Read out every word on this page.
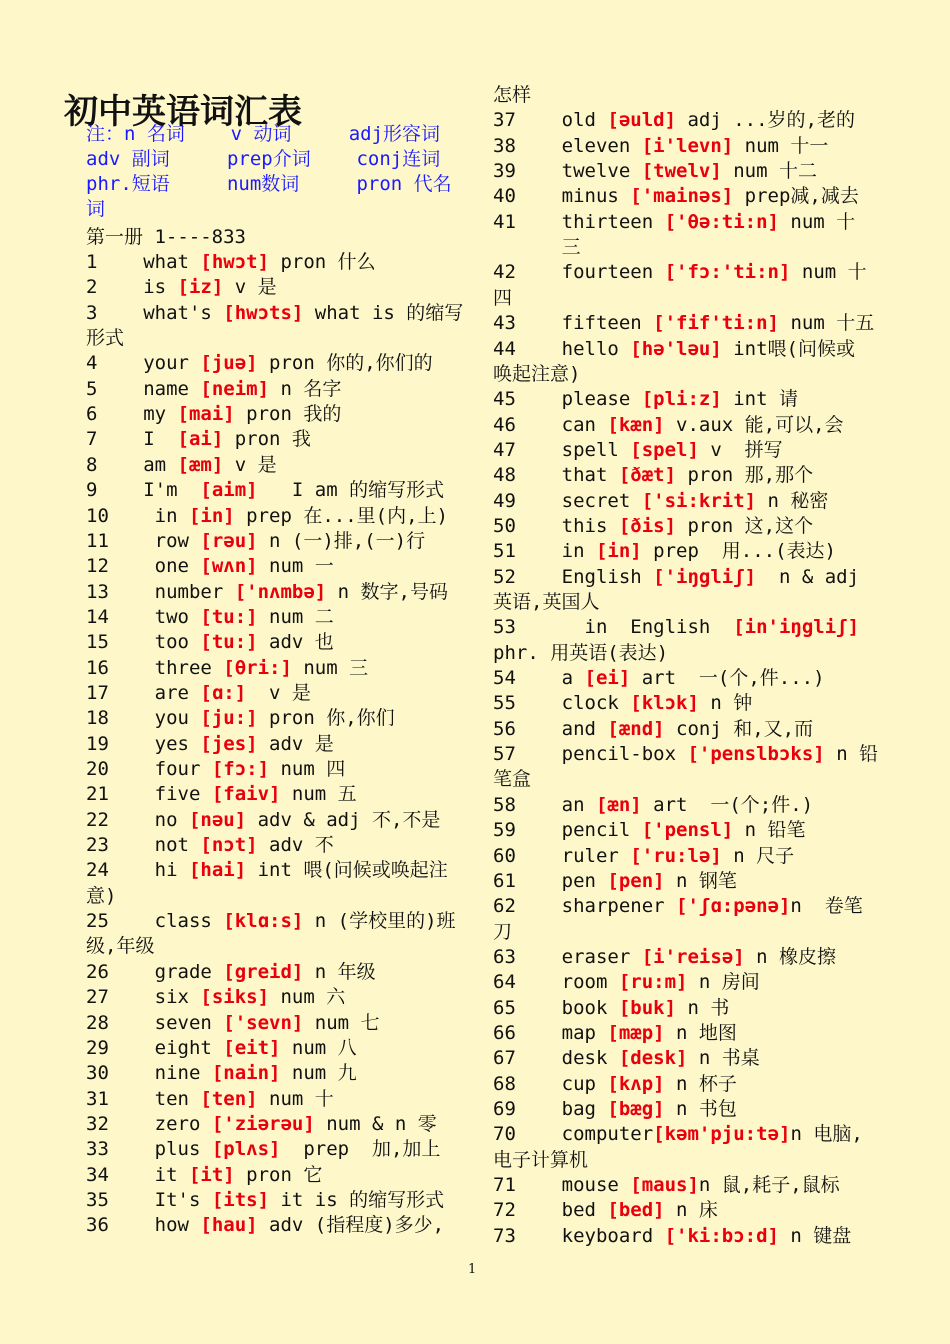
初中英语词汇表
注：n 名词    v 动词     adj形容词
adv 副词     prep介词    conj连词
phr.短语     num数词     pron 代名
词
第一册 1----833
1    what [hwɔt] pron 什么
2    is [iz] v 是
3    what's [hwɔts] what is 的缩写
形式
4    your [juə] pron 你的,你们的
5    name [neim] n 名字
6    my [mai] pron 我的
7    I  [ai] pron 我
8    am [æm] v 是
9    I'm  [aim]   I am 的缩写形式
10    in [in] prep 在...里(内,上)
11    row [rəu] n (一)排,(一)行
12    one [wʌn] num 一
13    number ['nʌmbə] n 数字,号码
14    two [tu:] num 二
15    too [tu:] adv 也
16    three [θri:] num 三
17    are [ɑ:]  v 是
18    you [ju:] pron 你,你们
19    yes [jes] adv 是
20    four [fɔ:] num 四
21    five [faiv] num 五
22    no [nəu] adv & adj 不,不是
23    not [nɔt] adv 不
24    hi [hai] int 喂(问候或唤起注
意)
25    class [klɑ:s] n (学校里的)班
级,年级
26    grade [greid] n 年级
27    six [siks] num 六
28    seven ['sevn] num 七
29    eight [eit] num 八
30    nine [nain] num 九
31    ten [ten] num 十
32    zero ['ziərəu] num & n 零
33    plus [plʌs]  prep  加,加上
34    it [it] pron 它
35    It's [its] it is 的缩写形式
36    how [hau] adv (指程度)多少,
怎样
37    old [əuld] adj ...岁的,老的
38    eleven [i'levn] num 十一
39    twelve [twelv] num 十二
40    minus ['mainəs] prep减,减去
41    thirteen ['θə:ti:n] num 十
三
42    fourteen ['fɔ:'ti:n] num 十
四
43    fifteen ['fif'ti:n] num 十五
44    hello [hə'ləu] int喂(问候或
唤起注意)
45    please [pli:z] int 请
46    can [kæn] v.aux 能,可以,会
47    spell [spel] v  拼写
48    that [ðæt] pron 那,那个
49    secret ['si:krit] n 秘密
50    this [ðis] pron 这,这个
51    in [in] prep  用...(表达)
52    English ['iŋgliʃ]  n & adj
英语,英国人
53      in  English  [in'iŋgliʃ]
phr. 用英语(表达)
54    a [ei] art  一(个,件...)
55    clock [klɔk] n 钟
56    and [ænd] conj 和,又,而
57    pencil-box ['penslbɔks] n 铅
笔盒
58    an [æn] art  一(个;件.)
59    pencil ['pensl] n 铅笔
60    ruler ['ru:lə] n 尺子
61    pen [pen] n 钢笔
62    sharpener ['ʃɑ:pənə]n  卷笔
刀
63    eraser [i'reisə] n 橡皮擦
64    room [ru:m] n 房间
65    book [buk] n 书
66    map [mæp] n 地图
67    desk [desk] n 书桌
68    cup [kʌp] n 杯子
69    bag [bæg] n 书包
70    computer[kəm'pju:tə]n 电脑,
电子计算机
71    mouse [maus]n 鼠,耗子,鼠标
72    bed [bed] n 床
73    keyboard ['ki:bɔ:d] n 键盘
1
